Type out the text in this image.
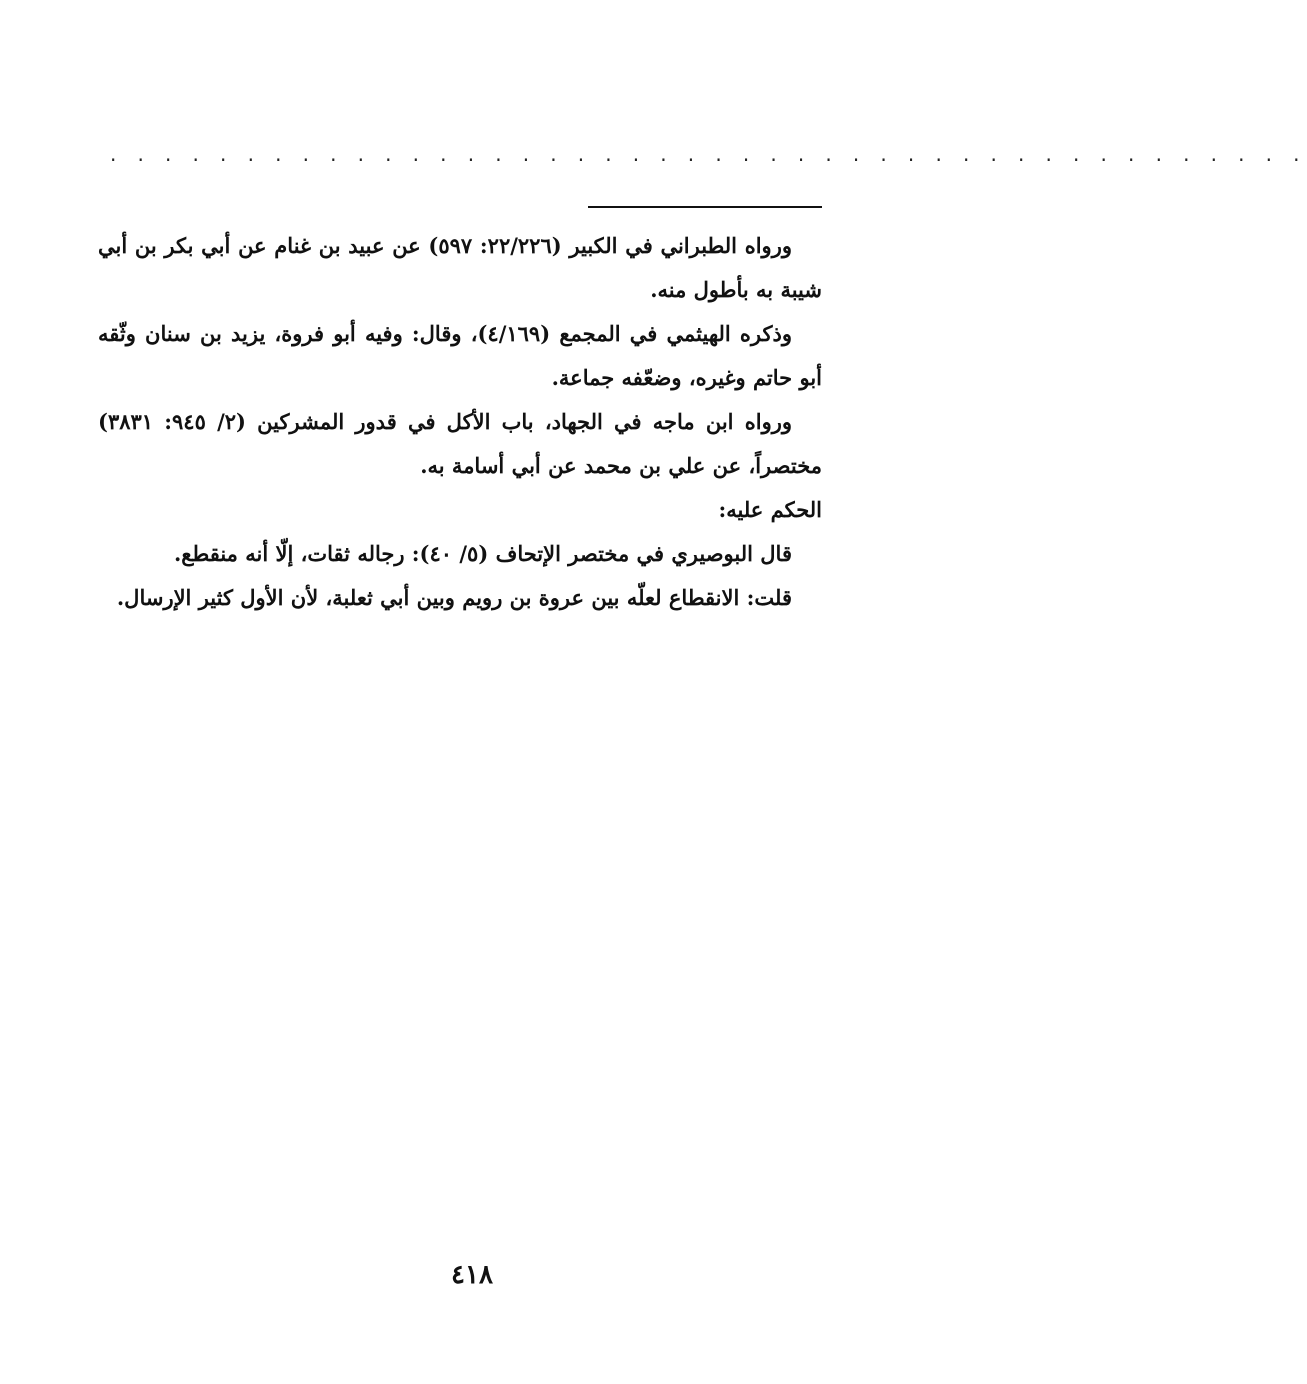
. . . . . . . . . . . . . . . . . . . . . . . . . . . . . . . . . . . . . . . . . . . .

ورواه الطبراني في الكبير (٢٢/٢٢٦: ٥٩٧) عن عبيد بن غنام عن أبي بكر بن أبي شيبة به بأطول منه.

وذكره الهيثمي في المجمع (٤/١٦٩)، وقال: وفيه أبو فروة، يزيد بن سنان وثّقه أبو حاتم وغيره، وضعّفه جماعة.

ورواه ابن ماجه في الجهاد، باب الأكل في قدور المشركين (٢/ ٩٤٥: ٣٨٣١) مختصراً، عن علي بن محمد عن أبي أسامة به.

الحكم عليه:

قال البوصيري في مختصر الإتحاف (٥/ ٤٠): رجاله ثقات، إلّا أنه منقطع.

قلت: الانقطاع لعلّه بين عروة بن رويم وبين أبي ثعلبة، لأن الأول كثير الإرسال.

٤١٨
